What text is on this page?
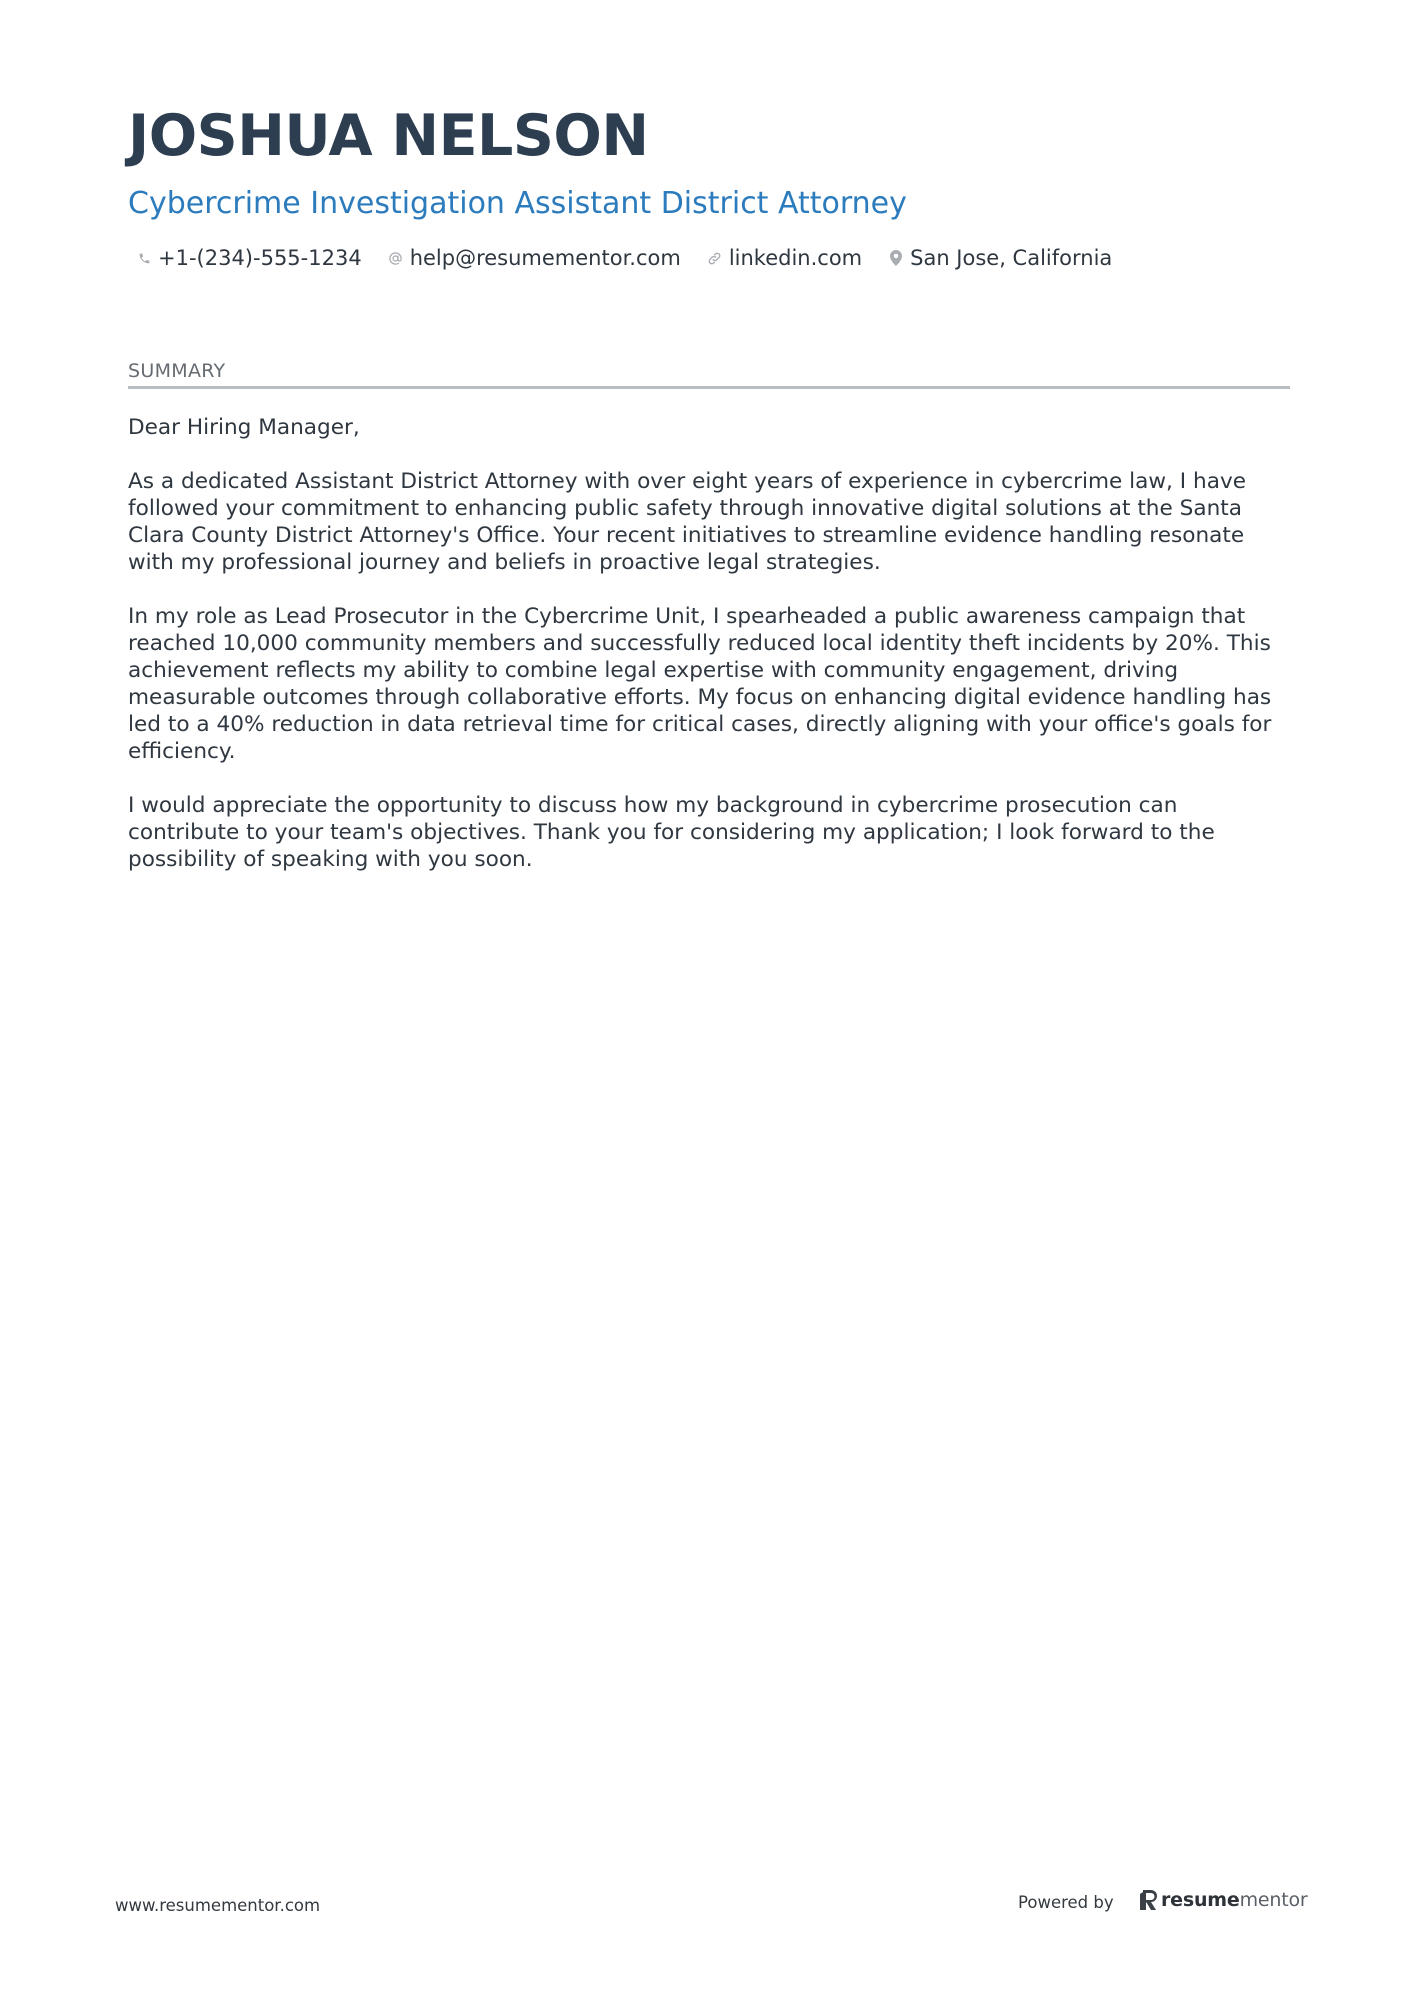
JOSHUA NELSON
Cybercrime Investigation Assistant District Attorney
+1-(234)-555-1234 help@resumementor.com linkedin.com San Jose, California
SUMMARY

Dear Hiring Manager,

As a dedicated Assistant District Attorney with over eight years of experience in cybercrime law, I have followed your commitment to enhancing public safety through innovative digital solutions at the Santa Clara County District Attorney's Office. Your recent initiatives to streamline evidence handling resonate with my professional journey and beliefs in proactive legal strategies.

In my role as Lead Prosecutor in the Cybercrime Unit, I spearheaded a public awareness campaign that reached 10,000 community members and successfully reduced local identity theft incidents by 20%. This achievement reflects my ability to combine legal expertise with community engagement, driving measurable outcomes through collaborative efforts. My focus on enhancing digital evidence handling has led to a 40% reduction in data retrieval time for critical cases, directly aligning with your office's goals for efficiency.

I would appreciate the opportunity to discuss how my background in cybercrime prosecution can contribute to your team's objectives. Thank you for considering my application; I look forward to the possibility of speaking with you soon.

www.resumementor.com	Powered by resumementor
